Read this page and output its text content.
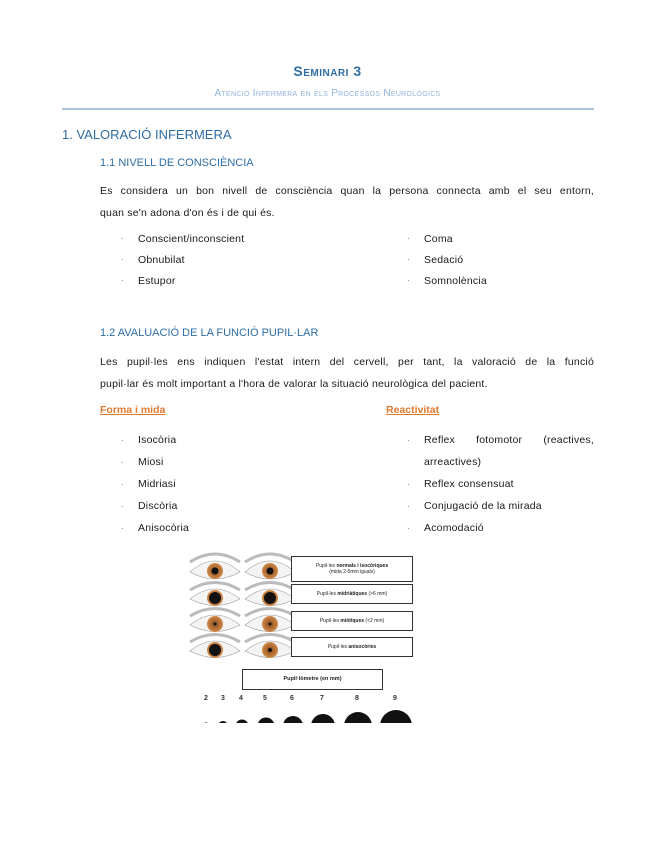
Seminari 3
Atenció Infermera en els Processos Neurològics
1. VALORACIÓ INFERMERA
1.1 NIVELL DE CONSCIÈNCIA
Es considera un bon nivell de consciència quan la persona connecta amb el seu entorn,
quan se'n adona d'on és i de qui és.
·	Conscient/inconscient
·	Obnubilat
·	Estupor
·	Coma
·	Sedació
·	Somnolència
1.2 AVALUACIÓ DE LA FUNCIÓ PUPIL·LAR
Les pupil·les ens indiquen l'estat intern del cervell, per tant, la valoració de la funció
pupil·lar és molt important a l'hora de valorar la situació neurològica del pacient.
Forma i mida	Reactivitat
·	Isocòria
·	Miosi
·	Midriasi
·	Discòria
·	Anisocòria
·	Reflex fotomotor (reactives,
arreactives)
·	Reflex consensuat
·	Conjugació de la mirada
·	Acomodació
Pupil·les normals i isocòriques
(mida 2-5mm iguals)
Pupil·les midriàtiques (>6 mm)
Pupil·les miòtiques (<2 mm)
Pupil·les anisocòries
Pupil·lòmetre (en mm)
2 3 4	5	6	7	8	9
